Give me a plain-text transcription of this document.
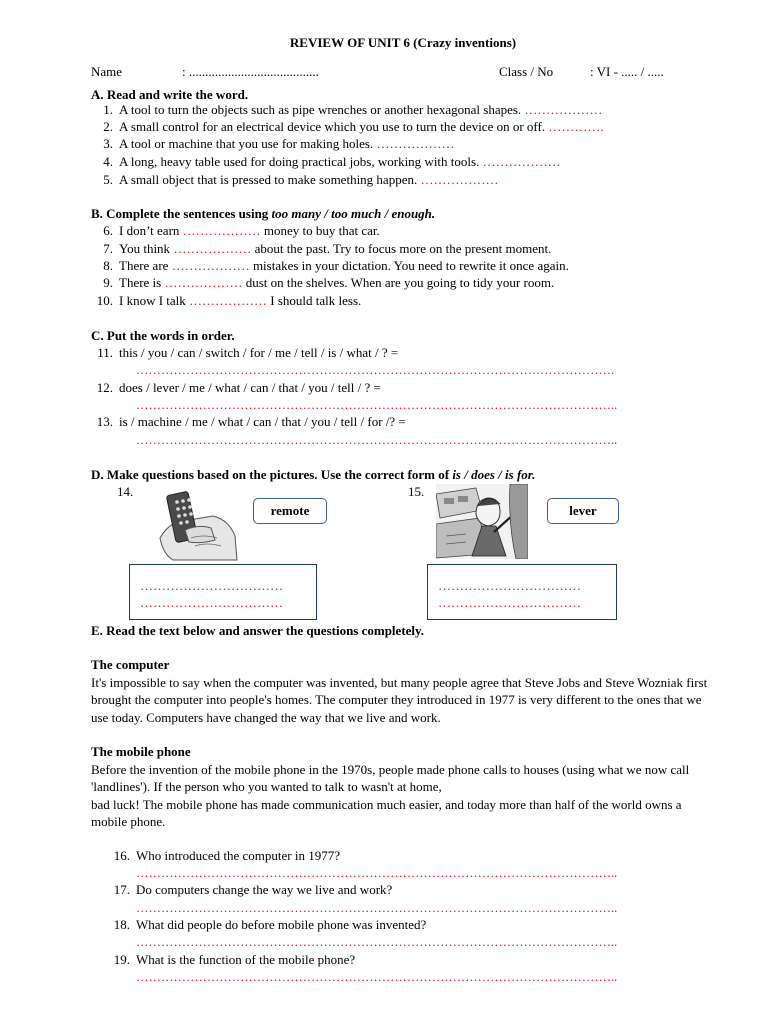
REVIEW OF UNIT 6 (Crazy inventions)
Name	: ........................................	Class / No	: VI - ..... / .....
A. Read and write the word.
1. A tool to turn the objects such as pipe wrenches or another hexagonal shapes. ………………
2. A small control for an electrical device which you use to turn the device on or off. ………….
3. A tool or machine that you use for making holes. ………………
4. A long, heavy table used for doing practical jobs, working with tools. ………………
5. A small object that is pressed to make something happen. ………………
B. Complete the sentences using too many / too much / enough.
6. I don’t earn ……………… money to buy that car.
7. You think ……………… about the past. Try to focus more on the present moment.
8. There are ……………… mistakes in your dictation. You need to rewrite it once again.
9. There is ……………… dust on the shelves. When are you going to tidy your room.
10. I know I talk ……………… I should talk less.
C. Put the words in order.
11. this / you / can / switch / for / me / tell / is / what / ? =
…………………………………………………………………………………………………….
12. does / lever / me / what / can / that / you / tell / ? =
……………………………………………………………………………………………………..
13. is / machine / me / what / can / that / you / tell / for /? =
……………………………………………………………………………………………………..
D. Make questions based on the pictures. Use the correct form of is / does / is for.
14.	15.
remote	lever
……………………………
……………………………
……………………………
……………………………
E. Read the text below and answer the questions completely.
The computer
It's impossible to say when the computer was invented, but many people agree that Steve Jobs and Steve Wozniak first brought the computer into people's homes. The computer they introduced in 1977 is very different to the ones that we use today. Computers have changed the way that we live and work.
The mobile phone
Before the invention of the mobile phone in the 1970s, people made phone calls to houses (using what we now call 'landlines'). If the person who you wanted to talk to wasn't at home,
bad luck! The mobile phone has made communication much easier, and today more than half of the world owns a mobile phone.
16. Who introduced the computer in 1977?
……………………………………………………………………………………………………..
17. Do computers change the way we live and work?
……………………………………………………………………………………………………..
18. What did people do before mobile phone was invented?
……………………………………………………………………………………………………..
19. What is the function of the mobile phone?
……………………………………………………………………………………………………..
